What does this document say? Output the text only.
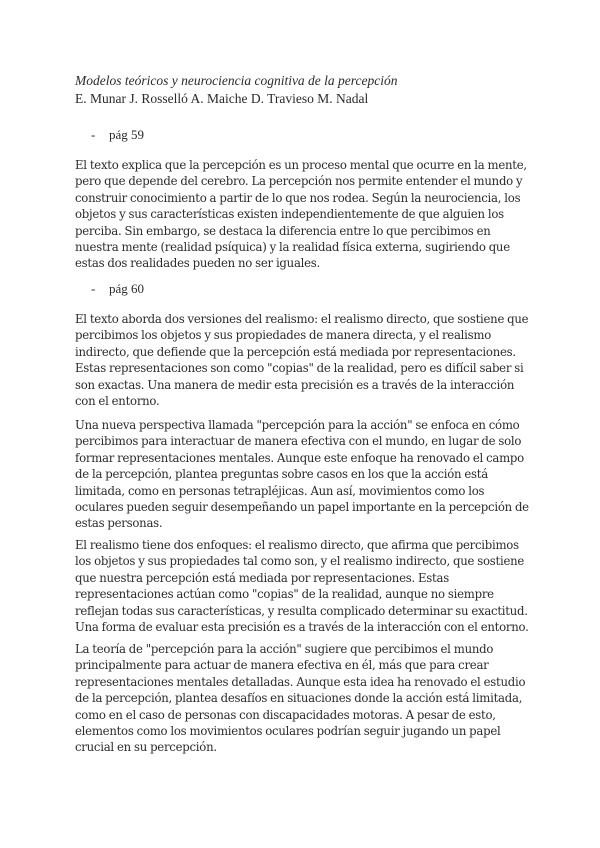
Modelos teóricos y neurociencia cognitiva de la percepción
E. Munar J. Rosselló A. Maiche D. Travieso M. Nadal
- pág 59
El texto explica que la percepción es un proceso mental que ocurre en la mente,
pero que depende del cerebro. La percepción nos permite entender el mundo y
construir conocimiento a partir de lo que nos rodea. Según la neurociencia, los
objetos y sus características existen independientemente de que alguien los
perciba. Sin embargo, se destaca la diferencia entre lo que percibimos en
nuestra mente (realidad psíquica) y la realidad física externa, sugiriendo que
estas dos realidades pueden no ser iguales.
- pág 60
El texto aborda dos versiones del realismo: el realismo directo, que sostiene que
percibimos los objetos y sus propiedades de manera directa, y el realismo
indirecto, que defiende que la percepción está mediada por representaciones.
Estas representaciones son como "copias" de la realidad, pero es difícil saber si
son exactas. Una manera de medir esta precisión es a través de la interacción
con el entorno.
Una nueva perspectiva llamada "percepción para la acción" se enfoca en cómo
percibimos para interactuar de manera efectiva con el mundo, en lugar de solo
formar representaciones mentales. Aunque este enfoque ha renovado el campo
de la percepción, plantea preguntas sobre casos en los que la acción está
limitada, como en personas tetrapléjicas. Aun así, movimientos como los
oculares pueden seguir desempeñando un papel importante en la percepción de
estas personas.
El realismo tiene dos enfoques: el realismo directo, que afirma que percibimos
los objetos y sus propiedades tal como son, y el realismo indirecto, que sostiene
que nuestra percepción está mediada por representaciones. Estas
representaciones actúan como "copias" de la realidad, aunque no siempre
reflejan todas sus características, y resulta complicado determinar su exactitud.
Una forma de evaluar esta precisión es a través de la interacción con el entorno.
La teoría de "percepción para la acción" sugiere que percibimos el mundo
principalmente para actuar de manera efectiva en él, más que para crear
representaciones mentales detalladas. Aunque esta idea ha renovado el estudio
de la percepción, plantea desafíos en situaciones donde la acción está limitada,
como en el caso de personas con discapacidades motoras. A pesar de esto,
elementos como los movimientos oculares podrían seguir jugando un papel
crucial en su percepción.
